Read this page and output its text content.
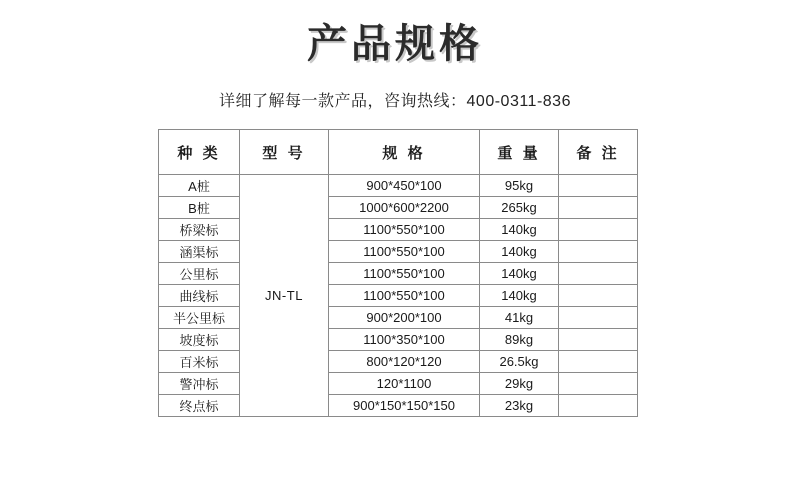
产品规格
详细了解每一款产品，咨询热线：400-0311-836
种 类	型 号	规 格	重 量	备 注
A桩	JN-TL	900*450*100	95kg	
B桩		1000*600*2200	265kg	
桥梁标		1100*550*100	140kg	
涵渠标		1100*550*100	140kg	
公里标		1100*550*100	140kg	
曲线标		1100*550*100	140kg	
半公里标		900*200*100	41kg	
坡度标		1100*350*100	89kg	
百米标		800*120*120	26.5kg	
警冲标		120*1100	29kg	
终点标		900*150*150*150	23kg	
